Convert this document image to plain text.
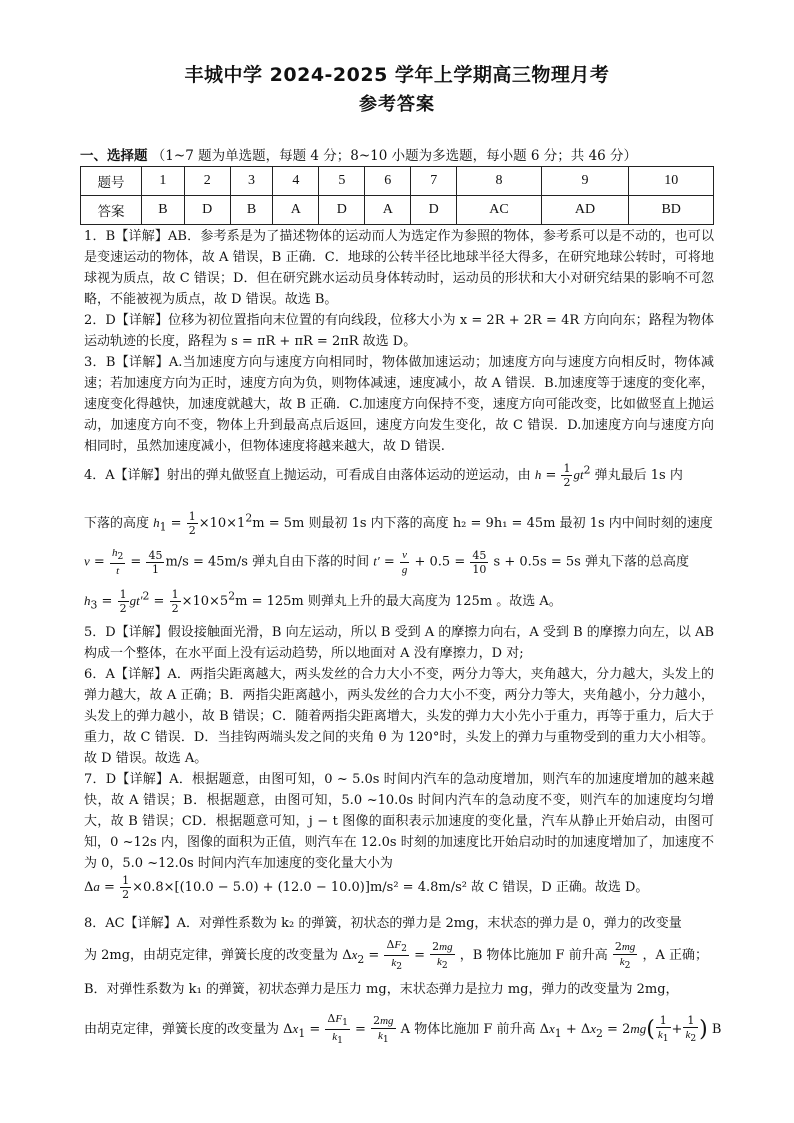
丰城中学 2024-2025 学年上学期高三物理月考
参考答案
一、选择题 （1~7 题为单选题，每题 4 分；8~10 小题为多选题，每小题 6 分；共 46 分）
题号	1	2	3	4	5	6	7	8	9	10
答案	B	D	B	A	D	A	D	AC	AD	BD

1．B【详解】AB．参考系是为了描述物体的运动而人为选定作为参照的物体，参考系可以是不动的，也可以是变速运动的物体，故 A 错误，B 正确．C．地球的公转半径比地球半径大得多，在研究地球公转时，可将地球视为质点，故 C 错误；D．但在研究跳水运动员身体转动时，运动员的形状和大小对研究结果的影响不可忽略，不能被视为质点，故 D 错误。故选 B。

2．D【详解】位移为初位置指向末位置的有向线段，位移大小为 x = 2R + 2R = 4R 方向向东；路程为物体运动轨迹的长度，路程为 s = πR + πR = 2πR 故选 D。

3．B【详解】A.当加速度方向与速度方向相同时，物体做加速运动；加速度方向与速度方向相反时，物体减速；若加速度方向为正时，速度方向为负，则物体减速，速度减小，故 A 错误．B.加速度等于速度的变化率，速度变化得越快，加速度就越大，故 B 正确．C.加速度方向保持不变，速度方向可能改变，比如做竖直上抛运动，加速度方向不变，物体上升到最高点后返回，速度方向发生变化，故 C 错误．D.加速度方向与速度方向相同时，虽然加速度减小，但物体速度将越来越大，故 D 错误.

4．A【详解】射出的弹丸做竖直上抛运动，可看成自由落体运动的逆运动，由 $h = \frac{1}{2} gt^2$ 弹丸最后 1s 内
下落的高度 $h_1 = \frac{1}{2} \times 10\times 1^2m = 5m$ 则最初 1s 内下落的高度 h₂ = 9h₁ = 45m 最初 1s 内中间时刻的速度
$v = \frac{h_2}{t} = \frac{45}{1} m/s = 45m/s$ 弹丸自由下落的时间 $t' = \frac{v}{g} + 0.5 = \frac{45}{10}$ s + 0.5s = 5s 弹丸下落的总高度
$h_3 = \frac{1}{2} gt'^2 = \frac{1}{2} \times 10\times 5^2m = 125m$ 则弹丸上升的最大高度为 125m 。故选 A。

5．D【详解】假设接触面光滑，B 向左运动，所以 B 受到 A 的摩擦力向右，A 受到 B 的摩擦力向左，以 AB 构成一个整体，在水平面上没有运动趋势，所以地面对 A 没有摩擦力，D 对;

6．A【详解】A．两指尖距离越大，两头发丝的合力大小不变，两分力等大，夹角越大，分力越大，头发上的弹力越大，故 A 正确；B．两指尖距离越小，两头发丝的合力大小不变，两分力等大，夹角越小，分力越小，头发上的弹力越小，故 B 错误；C．随着两指尖距离增大，头发的弹力大小先小于重力，再等于重力，后大于重力，故 C 错误．D．当挂钩两端头发之间的夹角 θ 为 120°时，头发上的弹力与重物受到的重力大小相等。故 D 错误。故选 A。

7．D【详解】A．根据题意，由图可知，0 ~ 5.0s 时间内汽车的急动度增加，则汽车的加速度增加的越来越快，故 A 错误；B．根据题意，由图可知，5.0 ~10.0s 时间内汽车的急动度不变，则汽车的加速度均匀增大，故 B 错误；CD．根据题意可知，j − t 图像的面积表示加速度的变化量，汽车从静止开始启动，由图可知，0 ~12s 内，图像的面积为正值，则汽车在 12.0s 时刻的加速度比开始启动时的加速度增加了，加速度不为 0，5.0 ~12.0s 时间内汽车加速度的变化量大小为

$\Delta a = \frac{1}{2} \times 0.8\times[(10.0 - 5.0) + (12.0 - 10.0)]m/s^2 = 4.8m/s^2$ 故 C 错误，D 正确。故选 D。
8．AC【详解】A．对弹性系数为 k₂ 的弹簧，初状态的弹力是 2mg，末状态的弹力是 0，弹力的改变量
为 2mg，由胡克定律，弹簧长度的改变量为 $\Delta x_2 = \frac{\Delta F_2}{k_2} = \frac{2mg}{k_2}$ ，B 物体比施加 F 前升高 $\frac{2mg}{k_2}$ ，A 正确；
B．对弹性系数为 k₁ 的弹簧，初状态弹力是压力 mg，末状态弹力是拉力 mg，弹力的改变量为 2mg，
由胡克定律，弹簧长度的改变量为 $\Delta x_1 = \frac{\Delta F_1}{k_1} = \frac{2mg}{k_1}$ A 物体比施加 F 前升高 $\Delta x_1 + \Delta x_2 = 2mg( \frac{1}{k_1} + \frac{1}{k_2}$ ) B
